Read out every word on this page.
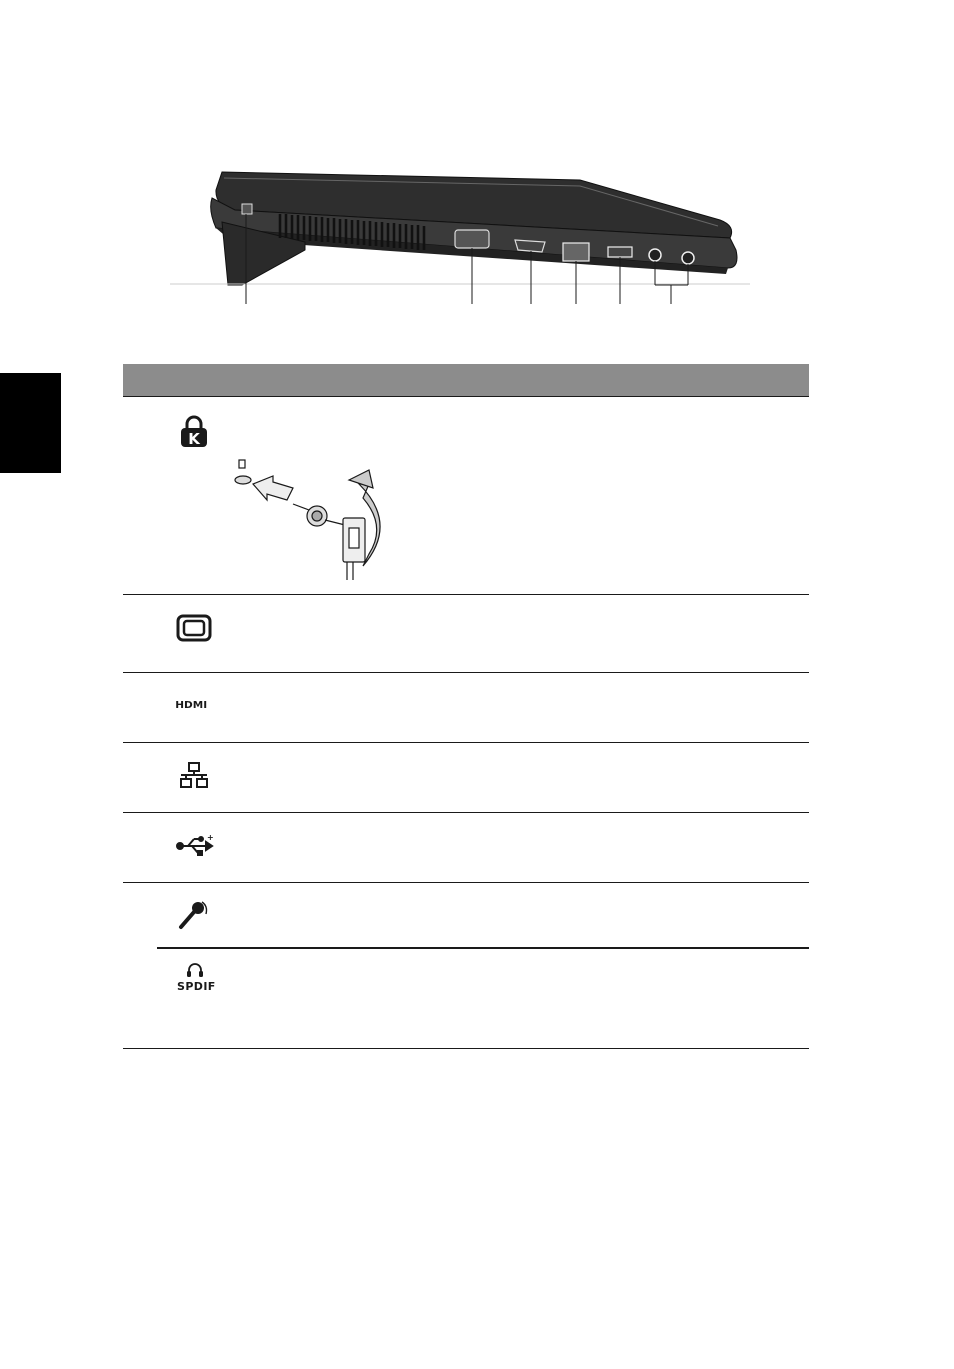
K
HDMI
+
SPDIF
